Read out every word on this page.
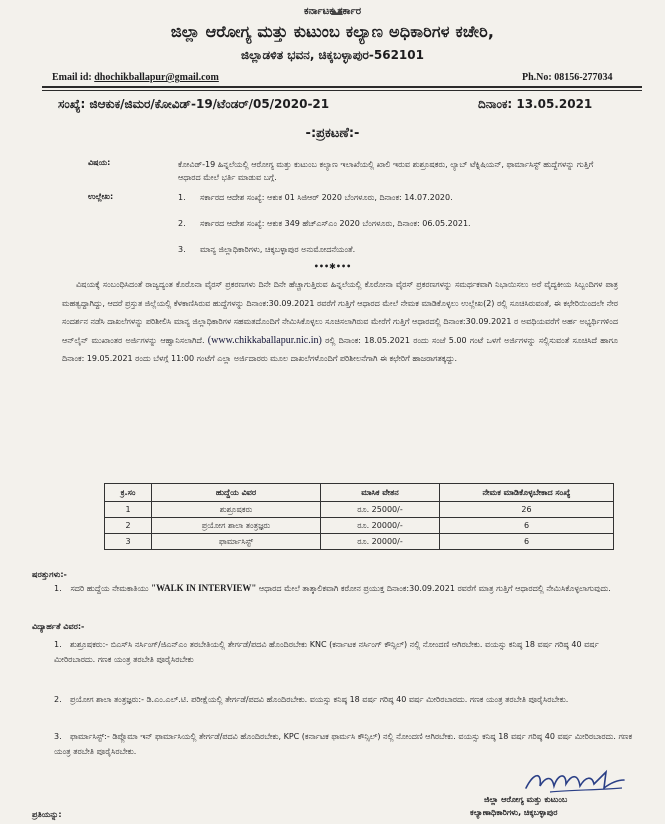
ಕರ್ನಾಟಕ ಸರ್ಕಾರ
ಜಿಲ್ಲಾ ಆರೋಗ್ಯ ಮತ್ತು ಕುಟುಂಬ ಕಲ್ಯಾಣ ಅಧಿಕಾರಿಗಳ ಕಚೇರಿ,
ಜಿಲ್ಲಾಡಳಿತ ಭವನ, ಚಿಕ್ಕಬಳ್ಳಾಪುರ-562101
Email id: dhochikballapur@gmail.com	Ph.No: 08156-277034
ಸಂಖ್ಯೆ: ಜಿಆಕುಕ/ಜಿಮರ/ಕೋವಿಡ್-19/ಟೆಂಡರ್/05/2020-21	ದಿನಾಂಕ: 13.05.2021
-:ಪ್ರಕಟಣೆ:-
ವಿಷಯ:	ಕೋವಿಡ್-19 ಹಿನ್ನಲೆಯಲ್ಲಿ ಆರೋಗ್ಯ ಮತ್ತು ಕುಟುಂಬ ಕಲ್ಯಾಣ ಇಲಾಖೆಯಲ್ಲಿ ಖಾಲಿ ಇರುವ ಶುಶ್ರೂಷಕರು, ಲ್ಯಾಬ್ ಟೆಕ್ನಿಷಿಯನ್, ಫಾರ್ಮಾಸಿಸ್ಟ್ ಹುದ್ದೆಗಳನ್ನು ಗುತ್ತಿಗೆ ಆಧಾರದ ಮೇಲೆ ಭರ್ತಿ ಮಾಡುವ ಬಗ್ಗೆ.
ಉಲ್ಲೇಖ:	1. ಸರ್ಕಾರದ ಆದೇಶ ಸಂಖ್ಯೆ: ಆಕುಕ 01 ಸಿಜಿಆರ್ 2020 ಬೆಂಗಳೂರು, ದಿನಾಂಕ: 14.07.2020.
2. ಸರ್ಕಾರದ ಆದೇಶ ಸಂಖ್ಯೆ: ಆಕುಕ 349 ಹೆಚ್ಎಸ್ಎಂ 2020 ಬೆಂಗಳೂರು, ದಿನಾಂಕ: 06.05.2021.
3. ಮಾನ್ಯ ಜಿಲ್ಲಾಧಿಕಾರಿಗಳು, ಚಿಕ್ಕಬಳ್ಳಾಪುರ ಅನುಮೋದನೆಯಂತೆ.
•••✱•••
ವಿಷಯಕ್ಕೆ ಸಂಬಂಧಿಸಿದಂತೆ ರಾಜ್ಯದ್ಯಂತ ಕೊರೊನಾ ವೈರಸ್ ಪ್ರಕರಣಗಳು ದಿನೇ ದಿನೇ ಹೆಚ್ಚಾಗುತ್ತಿರುವ ಹಿನ್ನಲೆಯಲ್ಲಿ ಕೊರೋನಾ ವೈರಸ್ ಪ್ರಕರಣಗಳನ್ನು ಸಮರ್ಥಕವಾಗಿ ನಿಭಾಯಿಸಲು ಅರೆ ವೈದ್ಯಕೀಯ ಸಿಬ್ಬಂದಿಗಳ ಪಾತ್ರ ಮಹತ್ವದ್ದಾಗಿದ್ದು, ಆದರೆ ಪ್ರಸ್ತುತ ಜಿಲ್ಲೆಯಲ್ಲಿ ಕೆಳಕಾಣಿಸಿರುವ ಹುದ್ದೆಗಳನ್ನು ದಿನಾಂಕ:30.09.2021 ರವರೆಗೆ ಗುತ್ತಿಗೆ ಆಧಾರದ ಮೇಲೆ ನೇಮಕ ಮಾಡಿಕೊಳ್ಳಲು ಉಲ್ಲೇಖ(2) ರಲ್ಲಿ ಸೂಚಿಸಿರುವಂತೆ, ಈ ಕಛೇರಿಯಿಂದಲೇ ನೇರ ಸಂದರ್ಶನ ನಡೆಸಿ ದಾಖಲೆಗಳನ್ನು ಪರಿಶೀಲಿಸಿ ಮಾನ್ಯ ಜಿಲ್ಲಾಧಿಕಾರಿಗಳ ಸಹಮತದೊಂದಿಗೆ ನೇಮಿಸಿಕೊಳ್ಳಲು ಸೂಚಿಸಲಾಗಿರುವ ಮೇರೆಗೆ ಗುತ್ತಿಗೆ ಆಧಾರದಲ್ಲಿ ದಿನಾಂಕ:30.09.2021 ರ ಅವಧಿಯವರೆಗೆ ಅರ್ಹ ಅಭ್ಯರ್ಥಿಗಳಿಂದ ಆನ್‌ಲೈನ್ ಮುಖಾಂತರ ಅರ್ಜಿಗಳನ್ನು ಆಹ್ವಾನಿಸಲಾಗಿದೆ. (www.chikkaballapur.nic.in) ರಲ್ಲಿ ದಿನಾಂಕ: 18.05.2021 ರಂದು ಸಂಜೆ 5.00 ಗಂಟೆ ಒಳಗೆ ಅರ್ಜಿಗಳನ್ನು ಸಲ್ಲಿಸುವಂತೆ ಸೂಚಿಸಿದೆ ಹಾಗೂ ದಿನಾಂಕ: 19.05.2021 ರಂದು ಬೆಳಗ್ಗೆ 11:00 ಗಂಟೆಗೆ ಎಲ್ಲಾ ಅರ್ಜಿದಾರರು ಮೂಲ ದಾಖಲೆಗಳೊಂದಿಗೆ ಪರಿಶೀಲನೆಗಾಗಿ ಈ ಕಛೇರಿಗೆ ಹಾಜರಾಗತಕ್ಕದ್ದು.
ಕ್ರ.ಸಂ	ಹುದ್ದೆಯ ವಿವರ	ಮಾಸಿಕ ವೇತನ	ನೇಮಕ ಮಾಡಿಕೊಳ್ಳಬೇಕಾದ ಸಂಖ್ಯೆ
1	ಶುಶ್ರೂಷಕರು	ರೂ. 25000/-	26
2	ಪ್ರಯೋಗ ಶಾಲಾ ತಂತ್ರಜ್ಞರು	ರೂ. 20000/-	6
3	ಫಾರ್ಮಾಸಿಸ್ಟ್	ರೂ. 20000/-	6
ಷರತ್ತುಗಳು:-
1. ಸದರಿ ಹುದ್ದೆಯ ನೇಮಕಾತಿಯು "WALK IN INTERVIEW" ಆಧಾರದ ಮೇಲೆ ತಾತ್ಕಾಲಿಕವಾಗಿ ಕರೋನ ಪ್ರಯುಕ್ತ ದಿನಾಂಕ:30.09.2021 ರವರೆಗೆ ಮಾತ್ರ ಗುತ್ತಿಗೆ ಆಧಾರದಲ್ಲಿ ನೇಮಿಸಿಕೊಳ್ಳಲಾಗುವುದು.
ವಿದ್ಯಾರ್ಹತೆ ವಿವರ:-
1. ಶುಶ್ರೂಷಕರು:- ಬಿಎಸ್‌ಸಿ ನರ್ಸಿಂಗ್/ಜಿಎನ್ಎಂ ತರಬೇತಿಯಲ್ಲಿ ತೇರ್ಗಡೆ/ಪದವಿ ಹೊಂದಿರಬೇಕು KNC (ಕರ್ನಾಟಕ ನರ್ಸಿಂಗ್ ಕೌನ್ಸಿಲ್) ನಲ್ಲಿ ನೋಂದಣಿ ಆಗಿರಬೇಕು. ವಯಸ್ಸು ಕನಿಷ್ಠ 18 ವರ್ಷ ಗರಿಷ್ಠ 40 ವರ್ಷ ಮೀರಿರಬಾರದು. ಗಣಕ ಯಂತ್ರ ತರಬೇತಿ ಪೂರೈಸಿರಬೇಕು
2. ಪ್ರಯೋಗ ಶಾಲಾ ತಂತ್ರಜ್ಞರು:- ಡಿ.ಎಂ.ಎಲ್.ಟಿ. ಪರೀಕ್ಷೆಯಲ್ಲಿ ತೇರ್ಗಡೆ/ಪದವಿ ಹೊಂದಿರಬೇಕು. ವಯಸ್ಸು ಕನಿಷ್ಠ 18 ವರ್ಷ ಗರಿಷ್ಠ 40 ವರ್ಷ ಮೀರಿರಬಾರದು. ಗಣಕ ಯಂತ್ರ ತರಬೇತಿ ಪೂರೈಸಿರಬೇಕು.
3. ಫಾರ್ಮಾಸಿಸ್ಟ್:- ಡಿಪ್ಲೊಮಾ ಇನ್ ಫಾರ್ಮಾಸಿಯಲ್ಲಿ ತೇರ್ಗಡೆ/ಪದವಿ ಹೊಂದಿರಬೇಕು, KPC (ಕರ್ನಾಟಕ ಫಾರ್ಮಸಿ ಕೌನ್ಸಿಲ್) ನಲ್ಲಿ ನೋಂದಣಿ ಆಗಿರಬೇಕು. ವಯಸ್ಸು ಕನಿಷ್ಠ 18 ವರ್ಷ ಗರಿಷ್ಠ 40 ವರ್ಷ ಮೀರಿರಬಾರದು. ಗಣಕ ಯಂತ್ರ ತರಬೇತಿ ಪೂರೈಸಿರಬೇಕು.
ಜಿಲ್ಲಾ ಆರೋಗ್ಯ ಮತ್ತು ಕುಟುಂಬ
ಕಲ್ಯಾಣಾಧಿಕಾರಿಗಳು, ಚಿಕ್ಕಬಳ್ಳಾಪುರ
ಪ್ರತಿಯನ್ನು:
